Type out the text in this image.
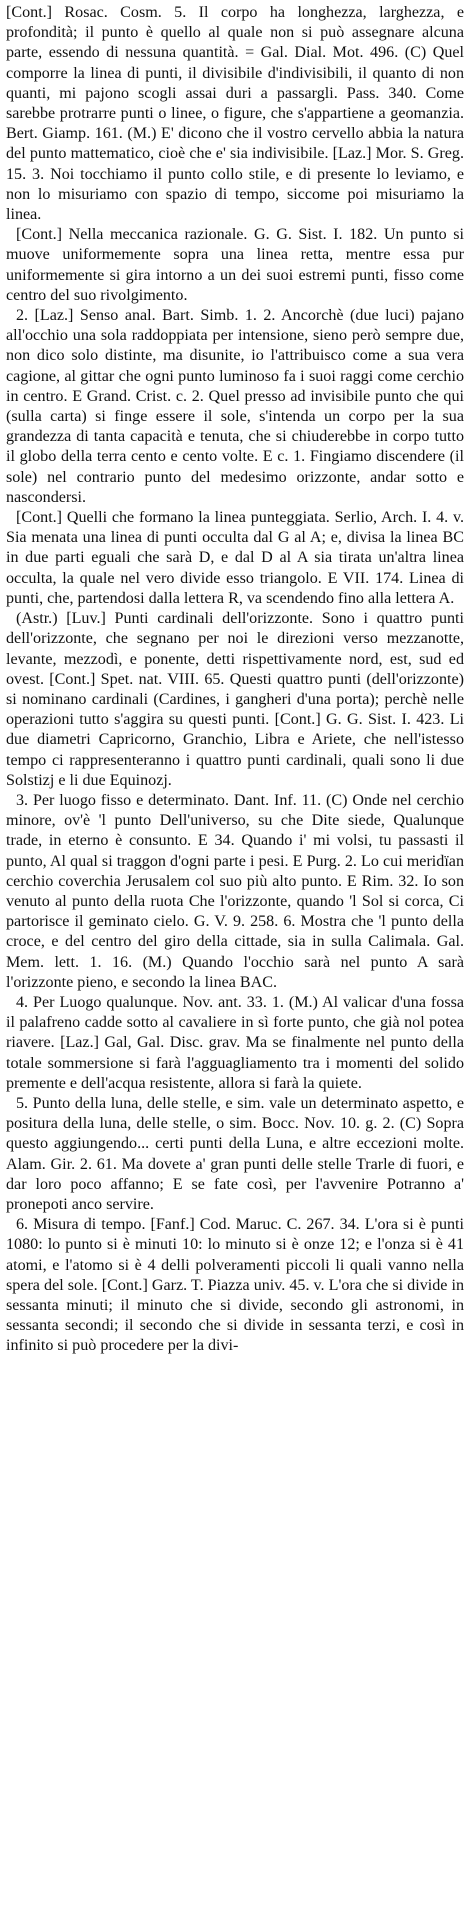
[Cont.] Rosac. Cosm. 5. Il corpo ha longhezza, larghezza, e profondità; il punto è quello al quale non si può assegnare alcuna parte, essendo di nessuna quantità. = Gal. Dial. Mot. 496. (C) Quel comporre la linea di punti, il divisibile d'indivisibili, il quanto di non quanti, mi pajono scogli assai duri a passargli. Pass. 340. Come sarebbe protrarre punti o linee, o figure, che s'appartiene a geomanzia. Bert. Giamp. 161. (M.) E' dicono che il vostro cervello abbia la natura del punto mattematico, cioè che e' sia indivisibile. [Laz.] Mor. S. Greg. 15. 3. Noi tocchiamo il punto collo stile, e di presente lo leviamo, e non lo misuriamo con spazio di tempo, siccome poi misuriamo la linea.

[Cont.] Nella meccanica razionale. G. G. Sist. I. 182. Un punto si muove uniformemente sopra una linea retta, mentre essa pur uniformemente si gira intorno a un dei suoi estremi punti, fisso come centro del suo rivolgimento.

2. [Laz.] Senso anal. Bart. Simb. 1. 2. Ancorchè (due luci) pajano all'occhio una sola raddoppiata per intensione, sieno però sempre due, non dico solo distinte, ma disunite, io l'attribuisco come a sua vera cagione, al gittar che ogni punto luminoso fa i suoi raggi come cerchio in centro. E Grand. Crist. c. 2. Quel presso ad invisibile punto che qui (sulla carta) si finge essere il sole, s'intenda un corpo per la sua grandezza di tanta capacità e tenuta, che si chiuderebbe in corpo tutto il globo della terra cento e cento volte. E c. 1. Fingiamo discendere (il sole) nel contrario punto del medesimo orizzonte, andar sotto e nascondersi.

[Cont.] Quelli che formano la linea punteggiata. Serlio, Arch. I. 4. v. Sia menata una linea di punti occulta dal G al A; e, divisa la linea BC in due parti eguali che sarà D, e dal D al A sia tirata un'altra linea occulta, la quale nel vero divide esso triangolo. E VII. 174. Linea di punti, che, partendosi dalla lettera R, va scendendo fino alla lettera A.

(Astr.) [Luv.] Punti cardinali dell'orizzonte. Sono i quattro punti dell'orizzonte, che segnano per noi le direzioni verso mezzanotte, levante, mezzodì, e ponente, detti rispettivamente nord, est, sud ed ovest. [Cont.] Spet. nat. VIII. 65. Questi quattro punti (dell'orizzonte) si nominano cardinali (Cardines, i gangheri d'una porta); perchè nelle operazioni tutto s'aggira su questi punti. [Cont.] G. G. Sist. I. 423. Li due diametri Capricorno, Granchio, Libra e Ariete, che nell'istesso tempo ci rappresenteranno i quattro punti cardinali, quali sono li due Solstizj e li due Equinozj.

3. Per luogo fisso e determinato. Dant. Inf. 11. (C) Onde nel cerchio minore, ov'è 'l punto Dell'universo, su che Dite siede, Qualunque trade, in eterno è consunto. E 34. Quando i' mi volsi, tu passasti il punto, Al qual si traggon d'ogni parte i pesi. E Purg. 2. Lo cui meridïan cerchio coverchia Jerusalem col suo più alto punto. E Rim. 32. Io son venuto al punto della ruota Che l'orizzonte, quando 'l Sol si corca, Ci partorisce il geminato cielo. G. V. 9. 258. 6. Mostra che 'l punto della croce, e del centro del giro della cittade, sia in sulla Calimala. Gal. Mem. lett. 1. 16. (M.) Quando l'occhio sarà nel punto A sarà l'orizzonte pieno, e secondo la linea BAC.

4. Per Luogo qualunque. Nov. ant. 33. 1. (M.) Al valicar d'una fossa il palafreno cadde sotto al cavaliere in sì forte punto, che già nol potea riavere. [Laz.] Gal, Gal. Disc. grav. Ma se finalmente nel punto della totale sommersione si farà l'agguagliamento tra i momenti del solido premente e dell'acqua resistente, allora si farà la quiete.

5. Punto della luna, delle stelle, e sim. vale un determinato aspetto, e positura della luna, delle stelle, o sim. Bocc. Nov. 10. g. 2. (C) Sopra questo aggiungendo... certi punti della Luna, e altre eccezioni molte. Alam. Gir. 2. 61. Ma dovete a' gran punti delle stelle Trarle di fuori, e dar loro poco affanno; E se fate così, per l'avvenire Potranno a' pronepoti anco servire.

6. Misura di tempo. [Fanf.] Cod. Maruc. C. 267. 34. L'ora si è punti 1080: lo punto si è minuti 10: lo minuto si è onze 12; e l'onza si è 41 atomi, e l'atomo si è 4 delli polveramenti piccoli li quali vanno nella spera del sole. [Cont.] Garz. T. Piazza univ. 45. v. L'ora che si divide in sessanta minuti; il minuto che si divide, secondo gli astronomi, in sessanta secondi; il secondo che si divide in sessanta terzi, e così in infinito si può procedere per la divi-
